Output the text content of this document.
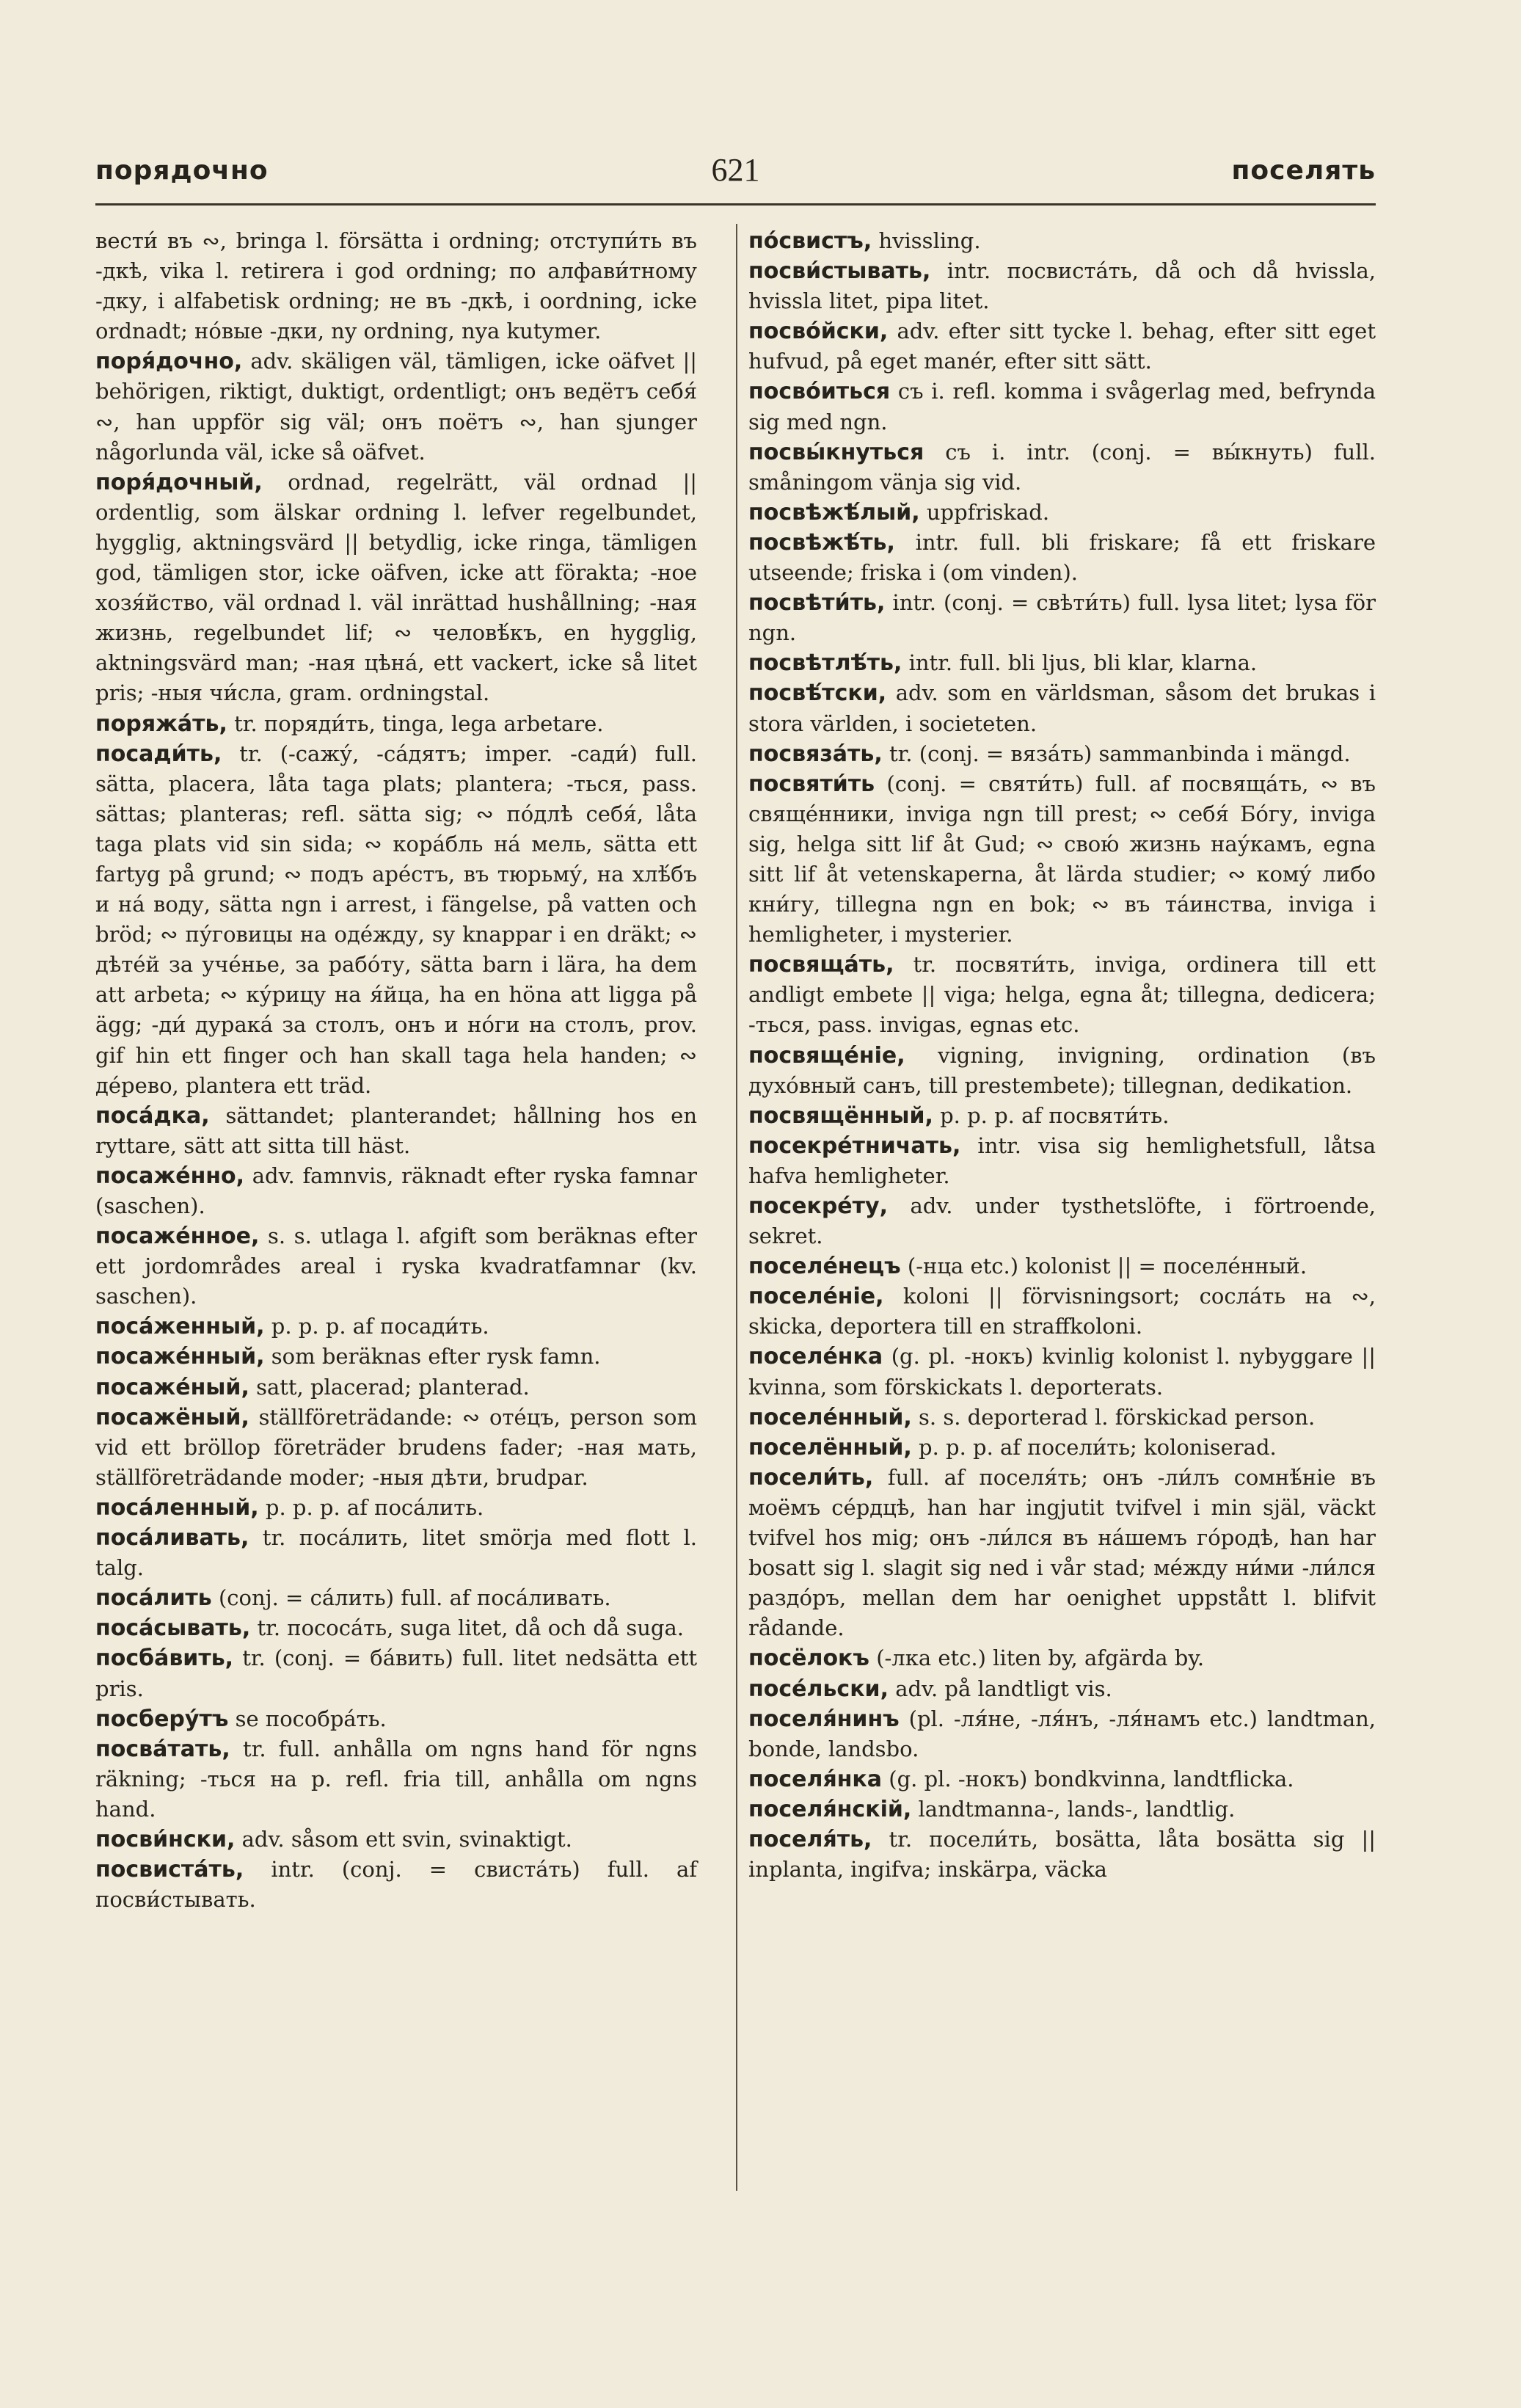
порядочно	621	поселять

вести́ въ ∾, bringa l. försätta i ordning; отступи́ть въ -дкѣ, vika l. retirera i god ordning; по алфави́тному -дку, i alfabetisk ordning; не въ -дкѣ, i oordning, icke ordnadt; но́вые -дки, ny ordning, nya kutymer.

поря́дочно, adv. skäligen väl, tämligen, icke oäfvet || behörigen, riktigt, duktigt, ordentligt; онъ ведётъ себя́ ∾, han uppför sig väl; онъ поётъ ∾, han sjunger någorlunda väl, icke så oäfvet.

поря́дочный, ordnad, regelrätt, väl ordnad || ordentlig, som älskar ordning l. lefver regelbundet, hygglig, aktningsvärd || betydlig, icke ringa, tämligen god, tämligen stor, icke oäfven, icke att förakta; -ное хозя́йство, väl ordnad l. väl inrättad hushållning; -ная жизнь, regelbundet lif; ∾ человѣ́къ, en hygglig, aktningsvärd man; -ная цѣна́, ett vackert, icke så litet pris; -ныя чи́сла, gram. ordningstal.

поряжа́ть, tr. поряди́ть, tinga, lega arbetare.

посади́ть, tr. (-сажу́, -са́дятъ; imper. -сади́) full. sätta, placera, låta taga plats; plantera; -ться, pass. sättas; planteras; refl. sätta sig; ∾ по́длѣ себя́, låta taga plats vid sin sida; ∾ кора́бль на́ мель, sätta ett fartyg på grund; ∾ подъ аре́стъ, въ тюрьму́, на хлѣ́бъ и на́ воду, sätta ngn i arrest, i fängelse, på vatten och bröd; ∾ пу́говицы на оде́жду, sy knappar i en dräkt; ∾ дѣте́й за уче́нье, за рабо́ту, sätta barn i lära, ha dem att arbeta; ∾ ку́рицу на я́йца, ha en höna att ligga på ägg; -ди́ дурака́ за столъ, онъ и но́ги на столъ, prov. gif hin ett finger och han skall taga hela handen; ∾ де́рево, plantera ett träd.

поса́дка, sättandet; planterandet; hållning hos en ryttare, sätt att sitta till häst.

посаже́нно, adv. famnvis, räknadt efter ryska famnar (saschen).

посаже́нное, s. s. utlaga l. afgift som beräknas efter ett jordområdes areal i ryska kvadratfamnar (kv. saschen).

поса́женный, p. p. p. af посади́ть.

посаже́нный, som beräknas efter rysk famn.

посаже́ный, satt, placerad; planterad.

посажёный, ställföreträdande: ∾ оте́цъ, person som vid ett bröllop företräder brudens fader; -ная мать, ställföreträdande moder; -ныя дѣти, brudpar.

поса́ленный, p. p. p. af поса́лить.

поса́ливать, tr. поса́лить, litet smörja med flott l. talg.

поса́лить (conj. = са́лить) full. af поса́ливать.

поса́сывать, tr. пососа́ть, suga litet, då och då suga.

посба́вить, tr. (conj. = ба́вить) full. litet nedsätta ett pris.

посберу́тъ se пособра́ть.

посва́тать, tr. full. anhålla om ngns hand för ngns räkning; -ться на p. refl. fria till, anhålla om ngns hand.

посви́нски, adv. såsom ett svin, svinaktigt.

посвиста́ть, intr. (conj. = свиста́ть) full. af посви́стывать.

по́свистъ, hvissling.

посви́стывать, intr. посвиста́ть, då och då hvissla, hvissla litet, pipa litet.

посво́йски, adv. efter sitt tycke l. behag, efter sitt eget hufvud, på eget manér, efter sitt sätt.

посво́иться съ i. refl. komma i svågerlag med, befrynda sig med ngn.

посвы́кнуться съ i. intr. (conj. = вы́кнуть) full. småningom vänja sig vid.

посвѣжѣ́лый, uppfriskad.

посвѣжѣ́ть, intr. full. bli friskare; få ett friskare utseende; friska i (om vinden).

посвѣти́ть, intr. (conj. = свѣти́ть) full. lysa litet; lysa för ngn.

посвѣтлѣ́ть, intr. full. bli ljus, bli klar, klarna.

посвѣ́тски, adv. som en världsman, såsom det brukas i stora världen, i societeten.

посвяза́ть, tr. (conj. = вяза́ть) sammanbinda i mängd.

посвяти́ть (conj. = святи́ть) full. af посвяща́ть, ∾ въ свяще́нники, inviga ngn till prest; ∾ себя́ Бо́гу, inviga sig, helga sitt lif åt Gud; ∾ свою́ жизнь нау́камъ, egna sitt lif åt vetenskaperna, åt lärda studier; ∾ кому́ либо кни́гу, tillegna ngn en bok; ∾ въ та́инства, inviga i hemligheter, i mysterier.

посвяща́ть, tr. посвяти́ть, inviga, ordinera till ett andligt embete || viga; helga, egna åt; tillegna, dedicera; -ться, pass. invigas, egnas etc.

посвяще́ніе, vigning, invigning, ordination (въ духо́вный санъ, till prestembete); tillegnan, dedikation.

посвящённый, p. p. p. af посвяти́ть.

посекре́тничать, intr. visa sig hemlighetsfull, låtsa hafva hemligheter.

посекре́ту, adv. under tysthetslöfte, i förtroende, sekret.

поселе́нецъ (-нца etc.) kolonist || = поселе́нный.

поселе́ніе, koloni || förvisningsort; сосла́ть на ∾, skicka, deportera till en straffkoloni.

поселе́нка (g. pl. -нокъ) kvinlig kolonist l. nybyggare || kvinna, som förskickats l. deporterats.

поселе́нный, s. s. deporterad l. förskickad person.

поселённый, p. p. p. af посели́ть; koloniserad.

посели́ть, full. af поселя́ть; онъ -ли́лъ сомнѣ́ніе въ моёмъ се́рдцѣ, han har ingjutit tvifvel i min själ, väckt tvifvel hos mig; онъ -ли́лся въ на́шемъ го́родѣ, han har bosatt sig l. slagit sig ned i vår stad; ме́жду ни́ми -ли́лся раздо́ръ, mellan dem har oenighet uppstått l. blifvit rådande.

посёлокъ (-лка etc.) liten by, afgärda by.

посе́льски, adv. på landtligt vis.

поселя́нинъ (pl. -ля́не, -ля́нъ, -ля́намъ etc.) landtman, bonde, landsbo.

поселя́нка (g. pl. -нокъ) bondkvinna, landtflicka.

поселя́нскій, landtmanna-, lands-, landtlig.

поселя́ть, tr. посели́ть, bosätta, låta bosätta sig || inplanta, ingifva; inskärpa, väcka
